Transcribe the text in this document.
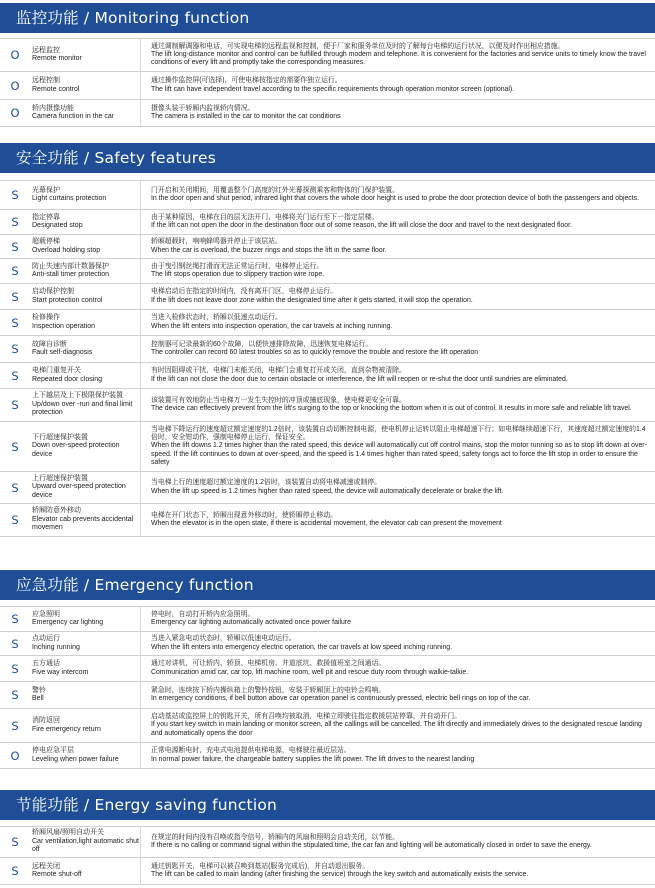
监控功能 / Monitoring function
O	远程监控
Remote monitor
通过调制解调器和电话，可实现电梯的远程监视和控制，便于厂家和服务单位及时的了解每台电梯的运行状况，以便及时作出相应措施。
The lift long-distance monitor and control can be fulfilled through modem and telephone. It is convenient for the factories and service units to timely know the travel conditions of every lift and promptly take the corresponding measures.
O	远程控制
Remote control
通过操作监控屏(可选择)，可使电梯按指定的需要作独立运行。
The lift can have independent travel according to the specific requirements through operation monitor screen (optional).
O	轿内摄像功能
Camera function in the car
摄像头装于轿厢内监视轿内情况。
The camera is installed in the car to monitor the car conditions
安全功能 / Safety features
S	光幕保护
Light curtains protection
门开启和关闭期间，用覆盖整个门高度的红外光幕探测乘客和物体的门保护装置。
In the door open and shut period, infrared light that covers the whole door height is used to probe the door protection device of both the passengers and objects.
S	指定停靠
Designated stop
由于某种原因，电梯在目的层无法开门，电梯将关门运行至下一指定层楼。
If the lift can not open the door in the destination floor out of some reason, the lift will close the door and travel to the next designated floor.
S	超载停梯
Overload holding stop
轿厢超载时，响响蜂鸣器并停止于该层站。
When the car is overload, the buzzer rings and stops the lift in the same floor.
S	防止失速内部计数器保护
Anti-stall timer protection
由于曳引钢丝绳打滑而无法正常运行时，电梯停止运行。
The lift stops operation due to slippery traction wire rope.
S	启动保护控制
Start protection control
电梯启动后在指定的时间内，没有离开门区，电梯停止运行。
If the lift does not leave door zone within the designated time after it gets started, it will stop the operation.
S	检修操作
Inspection operation
当进入检修状态时，轿厢以低速点动运行。
When the lift enters into inspection operation, the car travels at inching running.
S	故障自诊断
Fault self-diagnosis
控制器可记录最新的60个故障，以便快速排除故障，迅速恢复电梯运行。
The controller can record 60 latest troubles so as to quickly remove the trouble and restore the lift operation
S	电梯门重复开关
Repeated door closing
有时因阻碍或干扰，电梯门未能关闭，电梯门会重复打开或关闭，直到杂物被清除。
If the lift can not close the door due to certain obstacle or interference, the lift will reopen or re-shut the door until sundries are eliminated.
S
上下越层及上下极限保护装置
Up/down over -run and final limit protection
该装置可有效地防止当电梯万一发生失控时的冲顶或撞底现象，使电梯更安全可靠。
The device can effectively prevent from the lift's surging to the top or knocking the bottom when it is out of control. It results in more safe and reliable lift travel.
S
下行超速保护装置
Down over-speed protection device
当电梯下降运行的速度超过额定速度的1.2倍时，该装置自动切断控制电源，使电机停止运转以阻止电梯超速下行；如电梯继续超速下行，其速度超过额定速度的1.4倍时，安全钳动作，强制电梯停止运行，保证安全。
When the lift downs 1.2 times higher than the rated speed, this device will automatically cut off control mains, stop the motor running so as to stop lift down at over-speed. If the lift continues to down at over-speed, and the speed is 1.4 times higher than rated speed, safety tongs act to force the lift stop in order to ensure the safety
S
上行超速保护装置
Upward over-speed protection device
当电梯上行的速度超过额定速度的1.2倍时，该装置自动将电梯减速或制停。
When the lift up speed is 1.2 times higher than rated speed, the device will automatically decelerate or brake the lift.
S
轿厢防意外移动
Elevator cab prevents accidental movemen
电梯在开门状态下，轿厢出现意外移动时，使轿厢停止移动。
When the elevator is in the open state, if there is accidental movement, the elevator cab can present the movement
应急功能 / Emergency function
S	应急照明
Emergency car lighting
停电时，自动打开轿内应急照明。
Emergency car lighting automatically activated once power failure
S	点动运行
Inching running
当进入紧急电动状态时，轿厢以低速电动运行。
When the lift enters into emergency electric operation, the car travels at low speed inching running.
S	五方通话
Five way intercom
通过对讲机，可让轿内、轿顶、电梯机房、井道底坑、救援值班室之间通话。
Communication amid car, car top, lift machine room, well pit and rescue duty room through walkie-talkie.
S	警铃
Bell
紧急时，连续按下轿内操纵箱上的警铃按钮，安装于轿厢顶上的电铃会鸣响。
In emergency conditions, if bell button above car operation panel is continuously pressed, electric bell rings on top of the car.
S	消防返回
Fire emergency return
启动基站或监控屏上的钥匙开关，所有召唤均被取消，电梯立即驶往指定救援层站停靠，并自动开门。
If you start key switch in main landing or monitor screen, all the callings will be cancelled. The lift directly and immediately drives to the designated rescue landing and automatically opens the door
O	停电应急平层
Leveling when power failure
正常电源断电时，充电式电池提供电梯电源，电梯驶往最近层站。
In normal power failure, the chargeable battery supplies the lift power. The lift drives to the nearest landing
节能功能 / Energy saving function
S
轿厢风扇/照明自动开关
Car ventilation,light automatic shut off
在规定的时间内没有召唤或指令信号，轿厢内的风扇和照明会自动关闭，以节能。
If there is no calling or command signal within the stipulated time, the car fan and lighting will be automatically closed in order to save the energy.
S	远程关闭
Remote shut-off
通过钥匙开关，电梯可以被召唤到基站(服务完成后)，并自动退出服务。
The lift can be called to main landing (after finishing the service) through the key switch and automatically exists the service.
